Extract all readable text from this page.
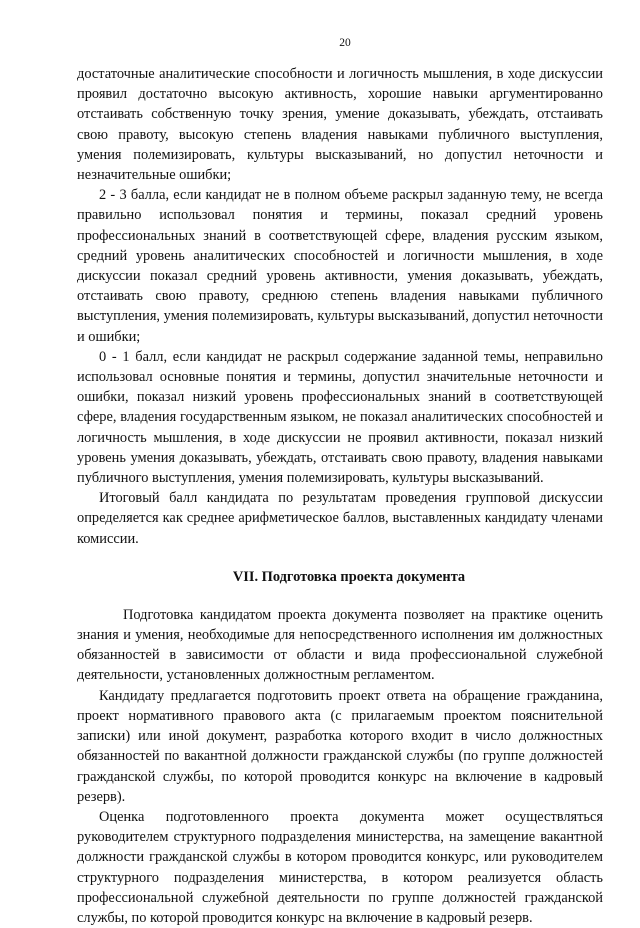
20

достаточные аналитические способности и логичность мышления, в ходе дискуссии проявил достаточно высокую активность, хорошие навыки аргументированно отстаивать собственную точку зрения, умение доказывать, убеждать, отстаивать свою правоту, высокую степень владения навыками публичного выступления, умения полемизировать, культуры высказываний, но допустил неточности и незначительные ошибки;

2 - 3 балла, если кандидат не в полном объеме раскрыл заданную тему, не всегда правильно использовал понятия и термины, показал средний уровень профессиональных знаний в соответствующей сфере, владения русским языком, средний уровень аналитических способностей и логичности мышления, в ходе дискуссии показал средний уровень активности, умения доказывать, убеждать, отстаивать свою правоту, среднюю степень владения навыками публичного выступления, умения полемизировать, культуры высказываний, допустил неточности и ошибки;

0 - 1 балл, если кандидат не раскрыл содержание заданной темы, неправильно использовал основные понятия и термины, допустил значительные неточности и ошибки, показал низкий уровень профессиональных знаний в соответствующей сфере, владения государственным языком, не показал аналитических способностей и логичность мышления, в ходе дискуссии не проявил активности, показал низкий уровень умения доказывать, убеждать, отстаивать свою правоту, владения навыками публичного выступления, умения полемизировать, культуры высказываний.

Итоговый балл кандидата по результатам проведения групповой дискуссии определяется как среднее арифметическое баллов, выставленных кандидату членами комиссии.

VII. Подготовка проекта документа

Подготовка кандидатом проекта документа позволяет на практике оценить знания и умения, необходимые для непосредственного исполнения им должностных обязанностей в зависимости от области и вида профессиональной служебной деятельности, установленных должностным регламентом.

Кандидату предлагается подготовить проект ответа на обращение гражданина, проект нормативного правового акта (с прилагаемым проектом пояснительной записки) или иной документ, разработка которого входит в число должностных обязанностей по вакантной должности гражданской службы (по группе должностей гражданской службы, по которой проводится конкурс на включение в кадровый резерв).

Оценка подготовленного проекта документа может осуществляться руководителем структурного подразделения министерства, на замещение вакантной должности гражданской службы в котором проводится конкурс, или руководителем структурного подразделения министерства, в котором реализуется область профессиональной служебной деятельности по группе должностей гражданской службы, по которой проводится конкурс на включение в кадровый резерв.
